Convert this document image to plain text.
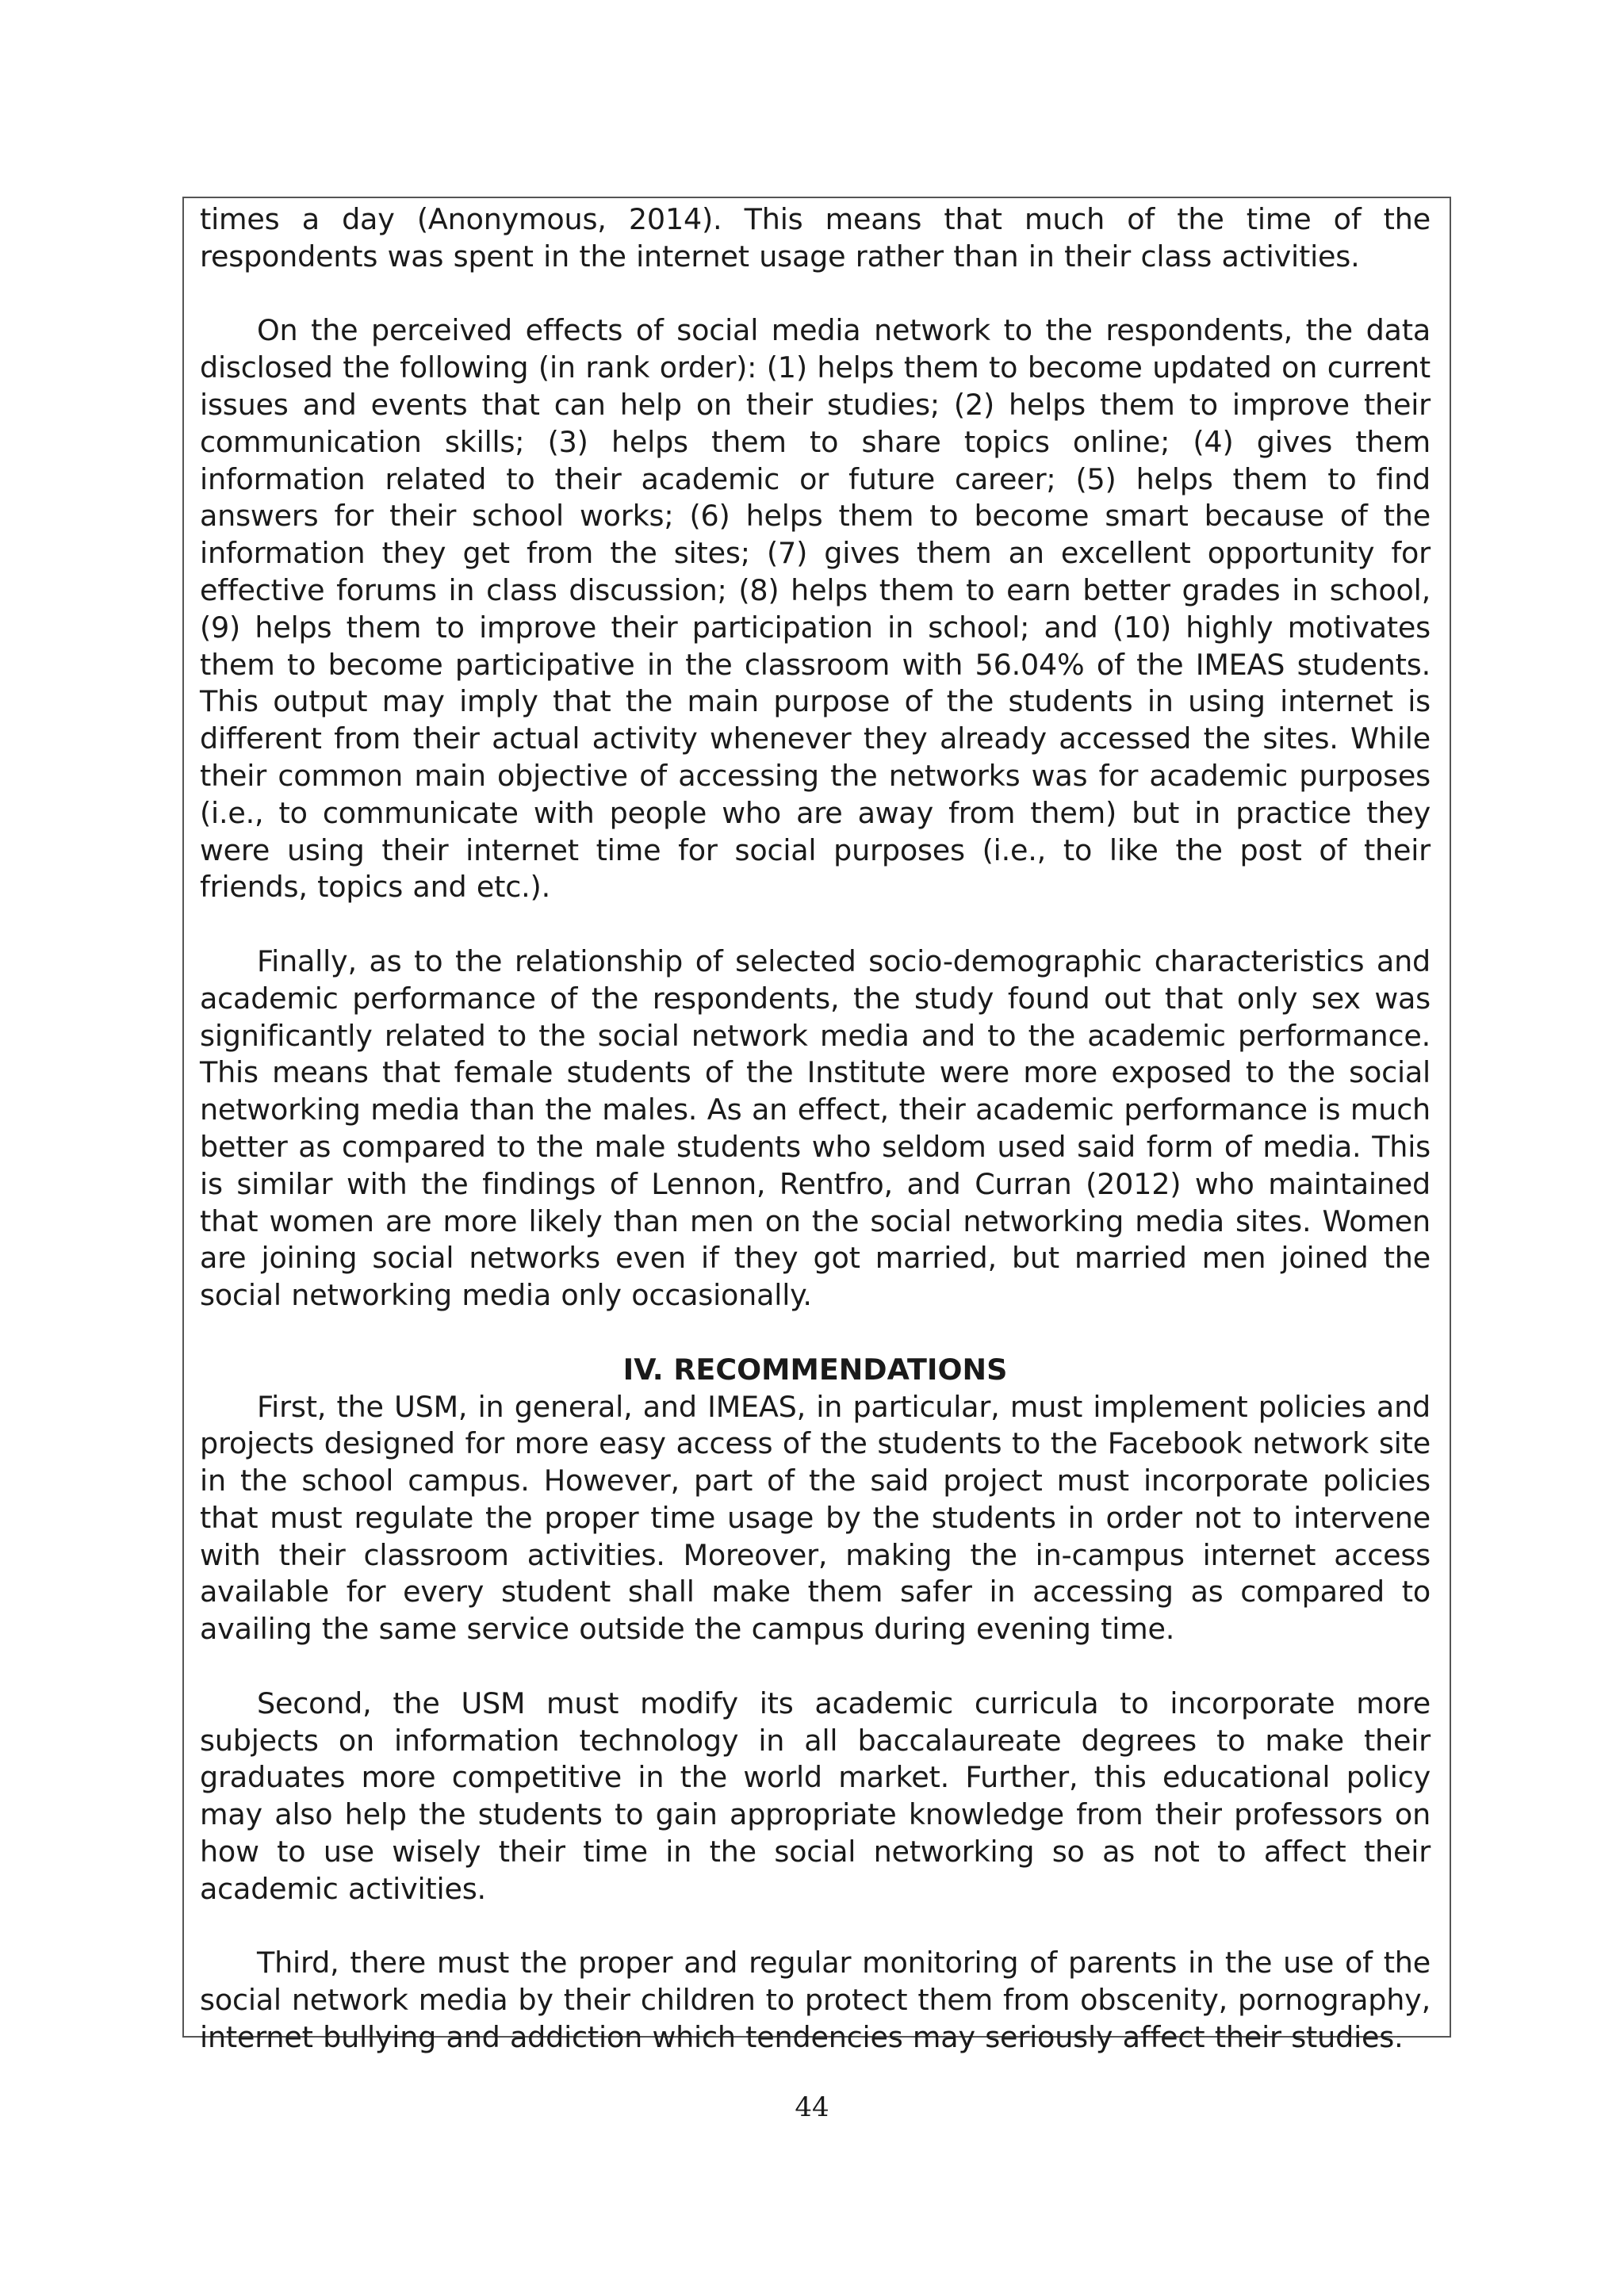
times a day (Anonymous, 2014). This means that much of the time of the respondents was spent in the internet usage rather than in their class activities.

On the perceived effects of social media network to the respondents, the data disclosed the following (in rank order): (1) helps them to become updated on current issues and events that can help on their studies; (2) helps them to improve their communication skills; (3) helps them to share topics online; (4) gives them information related to their academic or future career; (5) helps them to find answers for their school works; (6) helps them to become smart because of the information they get from the sites; (7) gives them an excellent opportunity for effective forums in class discussion; (8) helps them to earn better grades in school, (9) helps them to improve their participation in school; and (10) highly motivates them to become participative in the classroom with 56.04% of the IMEAS students. This output may imply that the main purpose of the students in using internet is different from their actual activity whenever they already accessed the sites. While their common main objective of accessing the networks was for academic purposes (i.e., to communicate with people who are away from them) but in practice they were using their internet time for social purposes (i.e., to like the post of their friends, topics and etc.).

Finally, as to the relationship of selected socio-demographic characteristics and academic performance of the respondents, the study found out that only sex was significantly related to the social network media and to the academic performance. This means that female students of the Institute were more exposed to the social networking media than the males. As an effect, their academic performance is much better as compared to the male students who seldom used said form of media. This is similar with the findings of Lennon, Rentfro, and Curran (2012) who maintained that women are more likely than men on the social networking media sites. Women are joining social networks even if they got married, but married men joined the social networking media only occasionally.

IV. RECOMMENDATIONS

First, the USM, in general, and IMEAS, in particular, must implement policies and projects designed for more easy access of the students to the Facebook network site in the school campus. However, part of the said project must incorporate policies that must regulate the proper time usage by the students in order not to intervene with their classroom activities. Moreover, making the in-campus internet access available for every student shall make them safer in accessing as compared to availing the same service outside the campus during evening time.

Second, the USM must modify its academic curricula to incorporate more subjects on information technology in all baccalaureate degrees to make their graduates more competitive in the world market. Further, this educational policy may also help the students to gain appropriate knowledge from their professors on how to use wisely their time in the social networking so as not to affect their academic activities.

Third, there must the proper and regular monitoring of parents in the use of the social network media by their children to protect them from obscenity, pornography, internet bullying and addiction which tendencies may seriously affect their studies.

44
